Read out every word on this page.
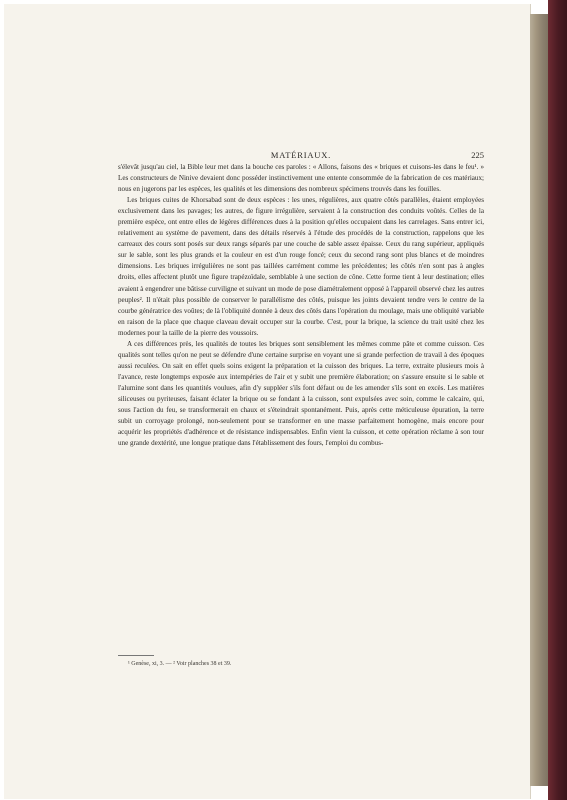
MATÉRIAUX.	225

s'élevât jusqu'au ciel, la Bible leur met dans la bouche ces paroles : « Allons, faisons des « briques et cuisons-les dans le feu¹. » Les constructeurs de Ninive devaient donc posséder instinctivement une entente consommée de la fabrication de ces matériaux; nous en jugerons par les espèces, les qualités et les dimensions des nombreux spécimens trouvés dans les fouilles.

Les briques cuites de Khorsabad sont de deux espèces : les unes, régulières, aux quatre côtés parallèles, étaient employées exclusivement dans les pavages; les autres, de figure irrégulière, servaient à la construction des conduits voûtés. Celles de la première espèce, ont entre elles de légères différences dues à la position qu'elles occupaient dans les carrelages. Sans entrer ici, relativement au système de pavement, dans des détails réservés à l'étude des procédés de la construction, rappelons que les carreaux des cours sont posés sur deux rangs séparés par une couche de sable assez épaisse. Ceux du rang supérieur, appliqués sur le sable, sont les plus grands et la couleur en est d'un rouge foncé; ceux du second rang sont plus blancs et de moindres dimensions. Les briques irrégulières ne sont pas taillées carrément comme les précédentes; les côtés n'en sont pas à angles droits, elles affectent plutôt une figure trapézoïdale, semblable à une section de cône. Cette forme tient à leur destination; elles avaient à engendrer une bâtisse curviligne et suivant un mode de pose diamétralement opposé à l'appareil observé chez les autres peuples². Il n'était plus possible de conserver le parallélisme des côtés, puisque les joints devaient tendre vers le centre de la courbe génératrice des voûtes; de là l'obliquité donnée à deux des côtés dans l'opération du moulage, mais une obliquité variable en raison de la place que chaque claveau devait occuper sur la courbe. C'est, pour la brique, la science du trait usité chez les modernes pour la taille de la pierre des voussoirs.

A ces différences près, les qualités de toutes les briques sont sensiblement les mêmes comme pâte et comme cuisson. Ces qualités sont telles qu'on ne peut se défendre d'une certaine surprise en voyant une si grande perfection de travail à des époques aussi reculées. On sait en effet quels soins exigent la préparation et la cuisson des briques. La terre, extraite plusieurs mois à l'avance, reste longtemps exposée aux intempéries de l'air et y subit une première élaboration; on s'assure ensuite si le sable et l'alumine sont dans les quantités voulues, afin d'y suppléer s'ils font défaut ou de les amender s'ils sont en excès. Les matières siliceuses ou pyriteuses, faisant éclater la brique ou se fondant à la cuisson, sont expulsées avec soin, comme le calcaire, qui, sous l'action du feu, se transformerait en chaux et s'éteindrait spontanément. Puis, après cette méticuleuse épuration, la terre subit un corroyage prolongé, non-seulement pour se transformer en une masse parfaitement homogène, mais encore pour acquérir les propriétés d'adhérence et de résistance indispensables. Enfin vient la cuisson, et cette opération réclame à son tour une grande dextérité, une longue pratique dans l'établissement des fours, l'emploi du combus-

¹ Genèse, xi, 3. — ² Voir planches 38 et 39.
